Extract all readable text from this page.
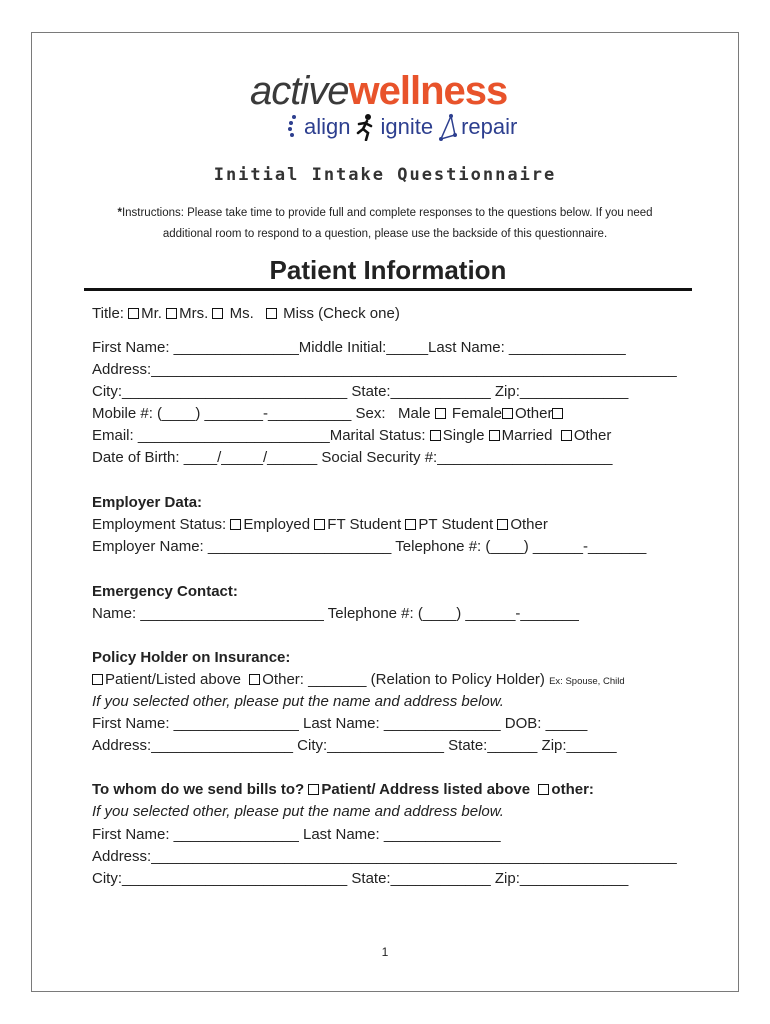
activewellness
align ignite repair
Initial Intake Questionnaire
*Instructions: Please take time to provide full and complete responses to the questions below. If you need additional room to respond to a question, please use the backside of this questionnaire.
Patient Information
Title: Mr. Mrs.  Ms.  Miss (Check one)
First Name: _______________Middle Initial:_____Last Name: ______________
Address:_______________________________________________________________
City:___________________________ State:____________ Zip:_____________
Mobile #: (____) _______-__________ Sex:   Male  Female Other
Email: _______________________Marital Status: Single Married  Other
Date of Birth: ____/_____/______ Social Security #:_____________________
Employer Data:
Employment Status: Employed FT Student PT Student Other
Employer Name: ______________________ Telephone #: (____) ______-_______
Emergency Contact:
Name: ______________________ Telephone #: (____) ______-_______
Policy Holder on Insurance:
Patient/Listed above  Other: _______ (Relation to Policy Holder) Ex: Spouse, Child
If you selected other, please put the name and address below.
First Name: _______________ Last Name: ______________ DOB: _____
Address:_________________ City:______________ State:______ Zip:______
To whom do we send bills to? Patient/ Address listed above  other:
If you selected other, please put the name and address below.
First Name: _______________ Last Name: ______________
Address:_______________________________________________________________
City:___________________________ State:____________ Zip:_____________
1
